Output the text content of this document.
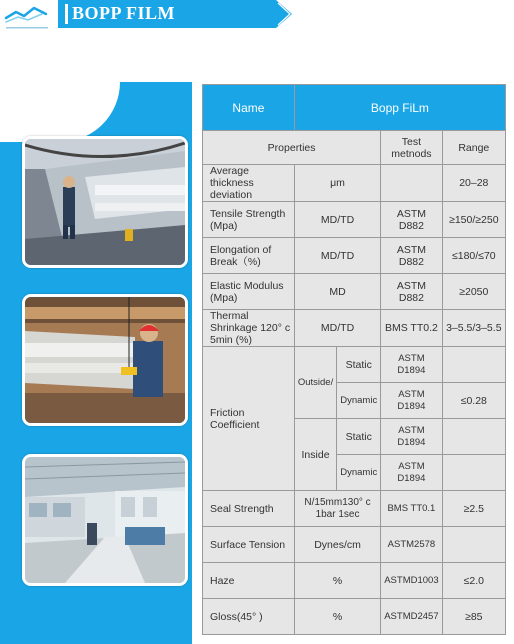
BOPP FILM
Name	Bopp FiLm			
Properties			Test metnods	Range
Average thickness deviation	μm			20–28
Tensile Strength (Mpa)	MD/TD		ASTM D882	≥150/≥250
Elongation of Break（%)	MD/TD		ASTM D882	≤180/≤70
Elastic Modulus (Mpa)	MD		ASTM D882	≥2050
Thermal Shrinkage 120° c 5min (%)	MD/TD		BMS TT0.2	3–5.5/3–5.5
Friction Coefficient	Outside/	Static	ASTM D1894	
		Dynamic	ASTM D1894	≤0.28
	Inside	Static	ASTM D1894	
		Dynamic	ASTM D1894	
Seal Strength	N/15mm130° c 1bar 1sec		BMS TT0.1	≥2.5
Surface Tension	Dynes/cm		ASTM2578	
Haze	%		ASTMD1003	≤2.0
Gloss(45° )	%		ASTMD2457	≥85
